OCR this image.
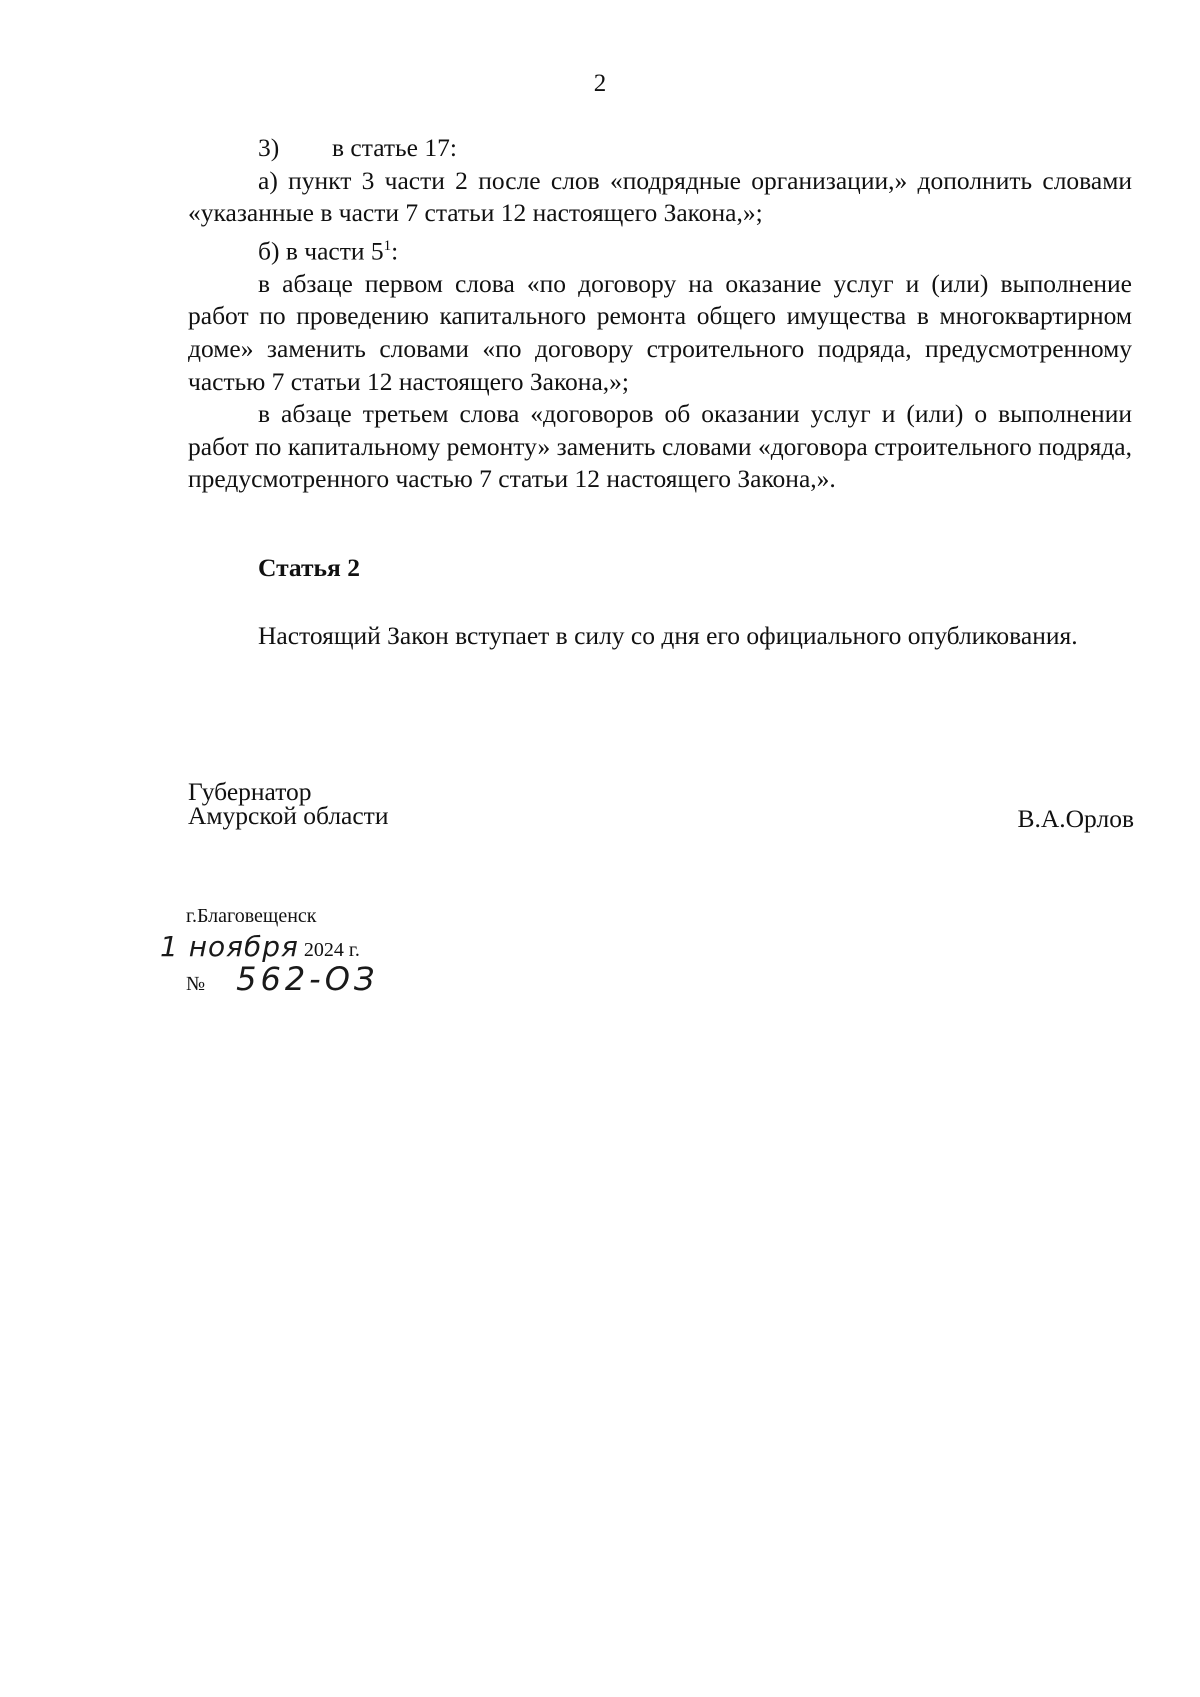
2

3) в статье 17:

а) пункт 3 части 2 после слов «подрядные организации,» дополнить словами «указанные в части 7 статьи 12 настоящего Закона,»;

б) в части $5^1$:

в абзаце первом слова «по договору на оказание услуг и (или) выполнение работ по проведению капитального ремонта общего имущества в многоквартирном доме» заменить словами «по договору строительного подряда, предусмотренному частью 7 статьи 12 настоящего Закона,»;

в абзаце третьем слова «договоров об оказании услуг и (или) о выполнении работ по капитальному ремонту» заменить словами «договора строительного подряда, предусмотренного частью 7 статьи 12 настоящего Закона,».

Статья 2

Настоящий Закон вступает в силу со дня его официального опубликования.

Губернатор
Амурской области	В.А.Орлов
г.Благовещенск
1 ноября 2024 г.
№ 562-ОЗ
